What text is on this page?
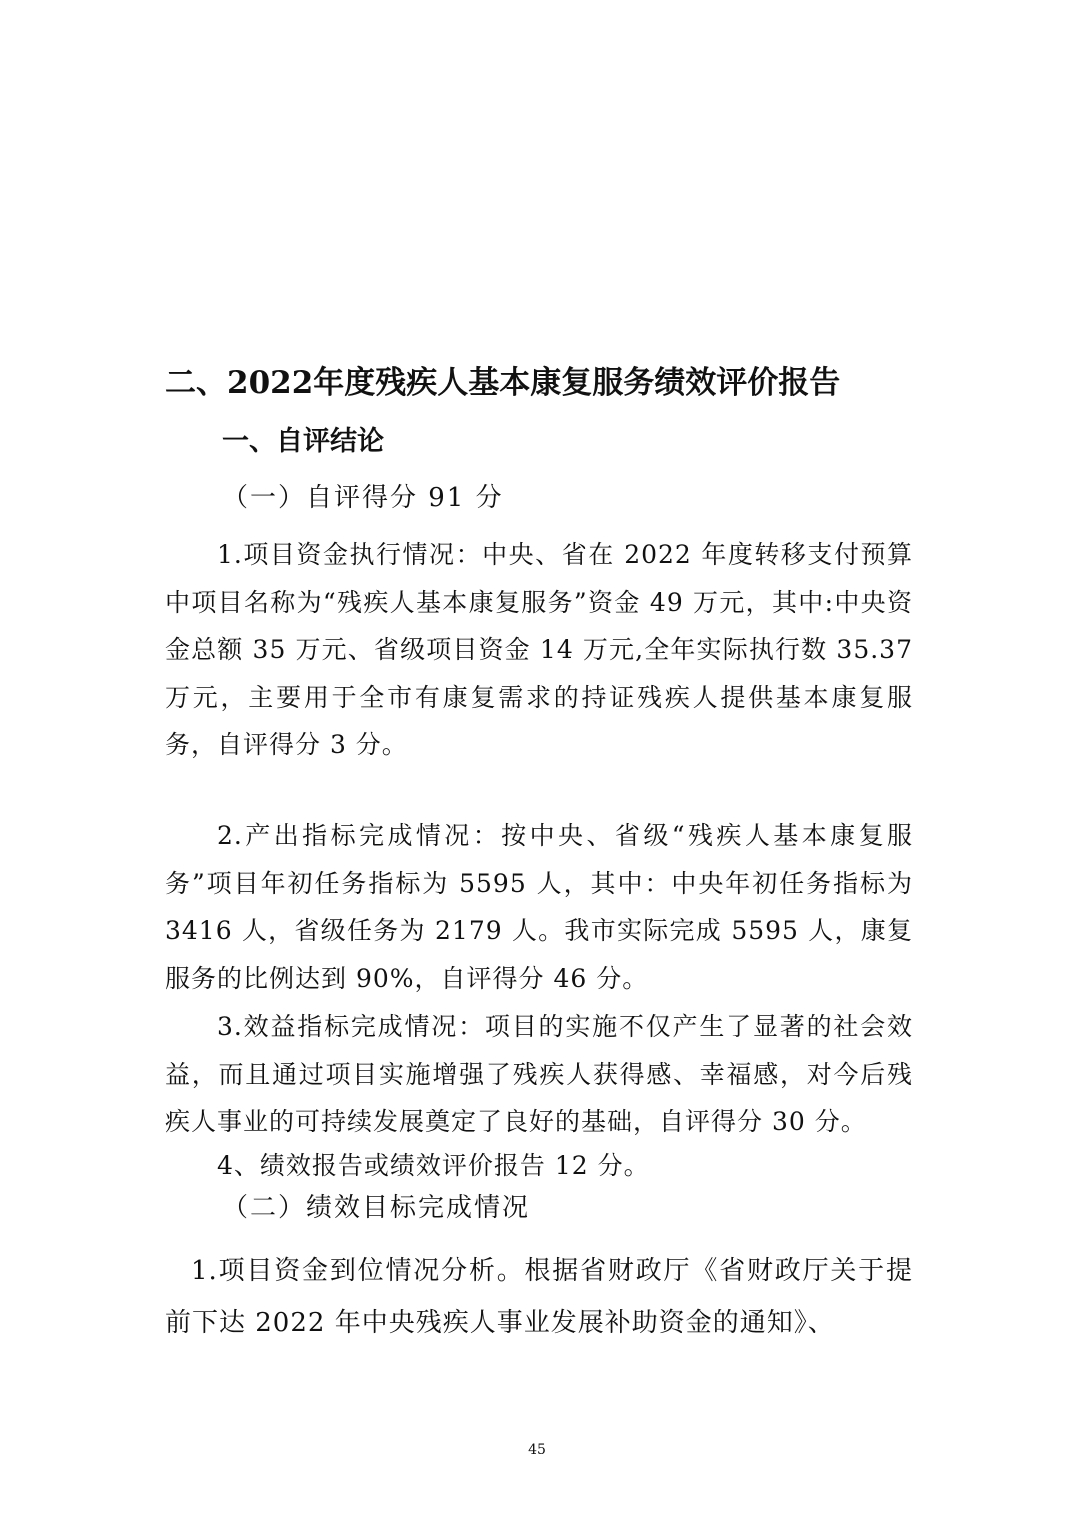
二、2022年度残疾人基本康复服务绩效评价报告
一、自评结论
（一）自评得分 91 分
1.项目资金执行情况：中央、省在 2022 年度转移支付预算中项目名称为“残疾人基本康复服务”资金 49 万元，其中:中央资金总额 35 万元、省级项目资金 14 万元,全年实际执行数 35.37 万元，主要用于全市有康复需求的持证残疾人提供基本康复服务，自评得分 3 分。
2.产出指标完成情况：按中央、省级“残疾人基本康复服务”项目年初任务指标为 5595 人，其中：中央年初任务指标为 3416 人，省级任务为 2179 人。我市实际完成 5595 人，康复服务的比例达到 90%，自评得分 46 分。
3.效益指标完成情况：项目的实施不仅产生了显著的社会效益，而且通过项目实施增强了残疾人获得感、幸福感，对今后残疾人事业的可持续发展奠定了良好的基础，自评得分 30 分。
4、绩效报告或绩效评价报告 12 分。
（二）绩效目标完成情况
1.项目资金到位情况分析。根据省财政厅《省财政厅关于提前下达 2022 年中央残疾人事业发展补助资金的通知》、
45
